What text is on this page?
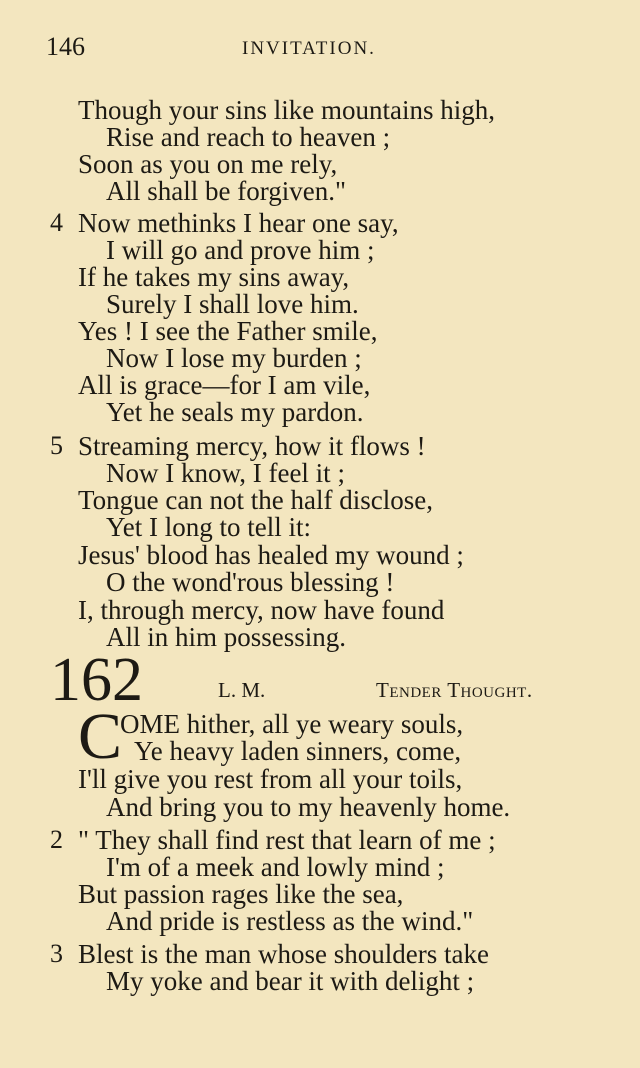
146	INVITATION.
Though your sins like mountains high,
Rise and reach to heaven ;
Soon as you on me rely,
All shall be forgiven."
4 Now methinks I hear one say,
I will go and prove him ;
If he takes my sins away,
Surely I shall love him.
Yes ! I see the Father smile,
Now I lose my burden ;
All is grace—for I am vile,
Yet he seals my pardon.
5 Streaming mercy, how it flows !
Now I know, I feel it ;
Tongue can not the half disclose,
Yet I long to tell it:
Jesus' blood has healed my wound ;
O the wond'rous blessing !
I, through mercy, now have found
All in him possessing.
162	L. M.	Tender Thought.
C
OME hither, all ye weary souls,
Ye heavy laden sinners, come,
I'll give you rest from all your toils,
And bring you to my heavenly home.
2 " They shall find rest that learn of me ;
I'm of a meek and lowly mind ;
But passion rages like the sea,
And pride is restless as the wind."
3 Blest is the man whose shoulders take
My yoke and bear it with delight ;
